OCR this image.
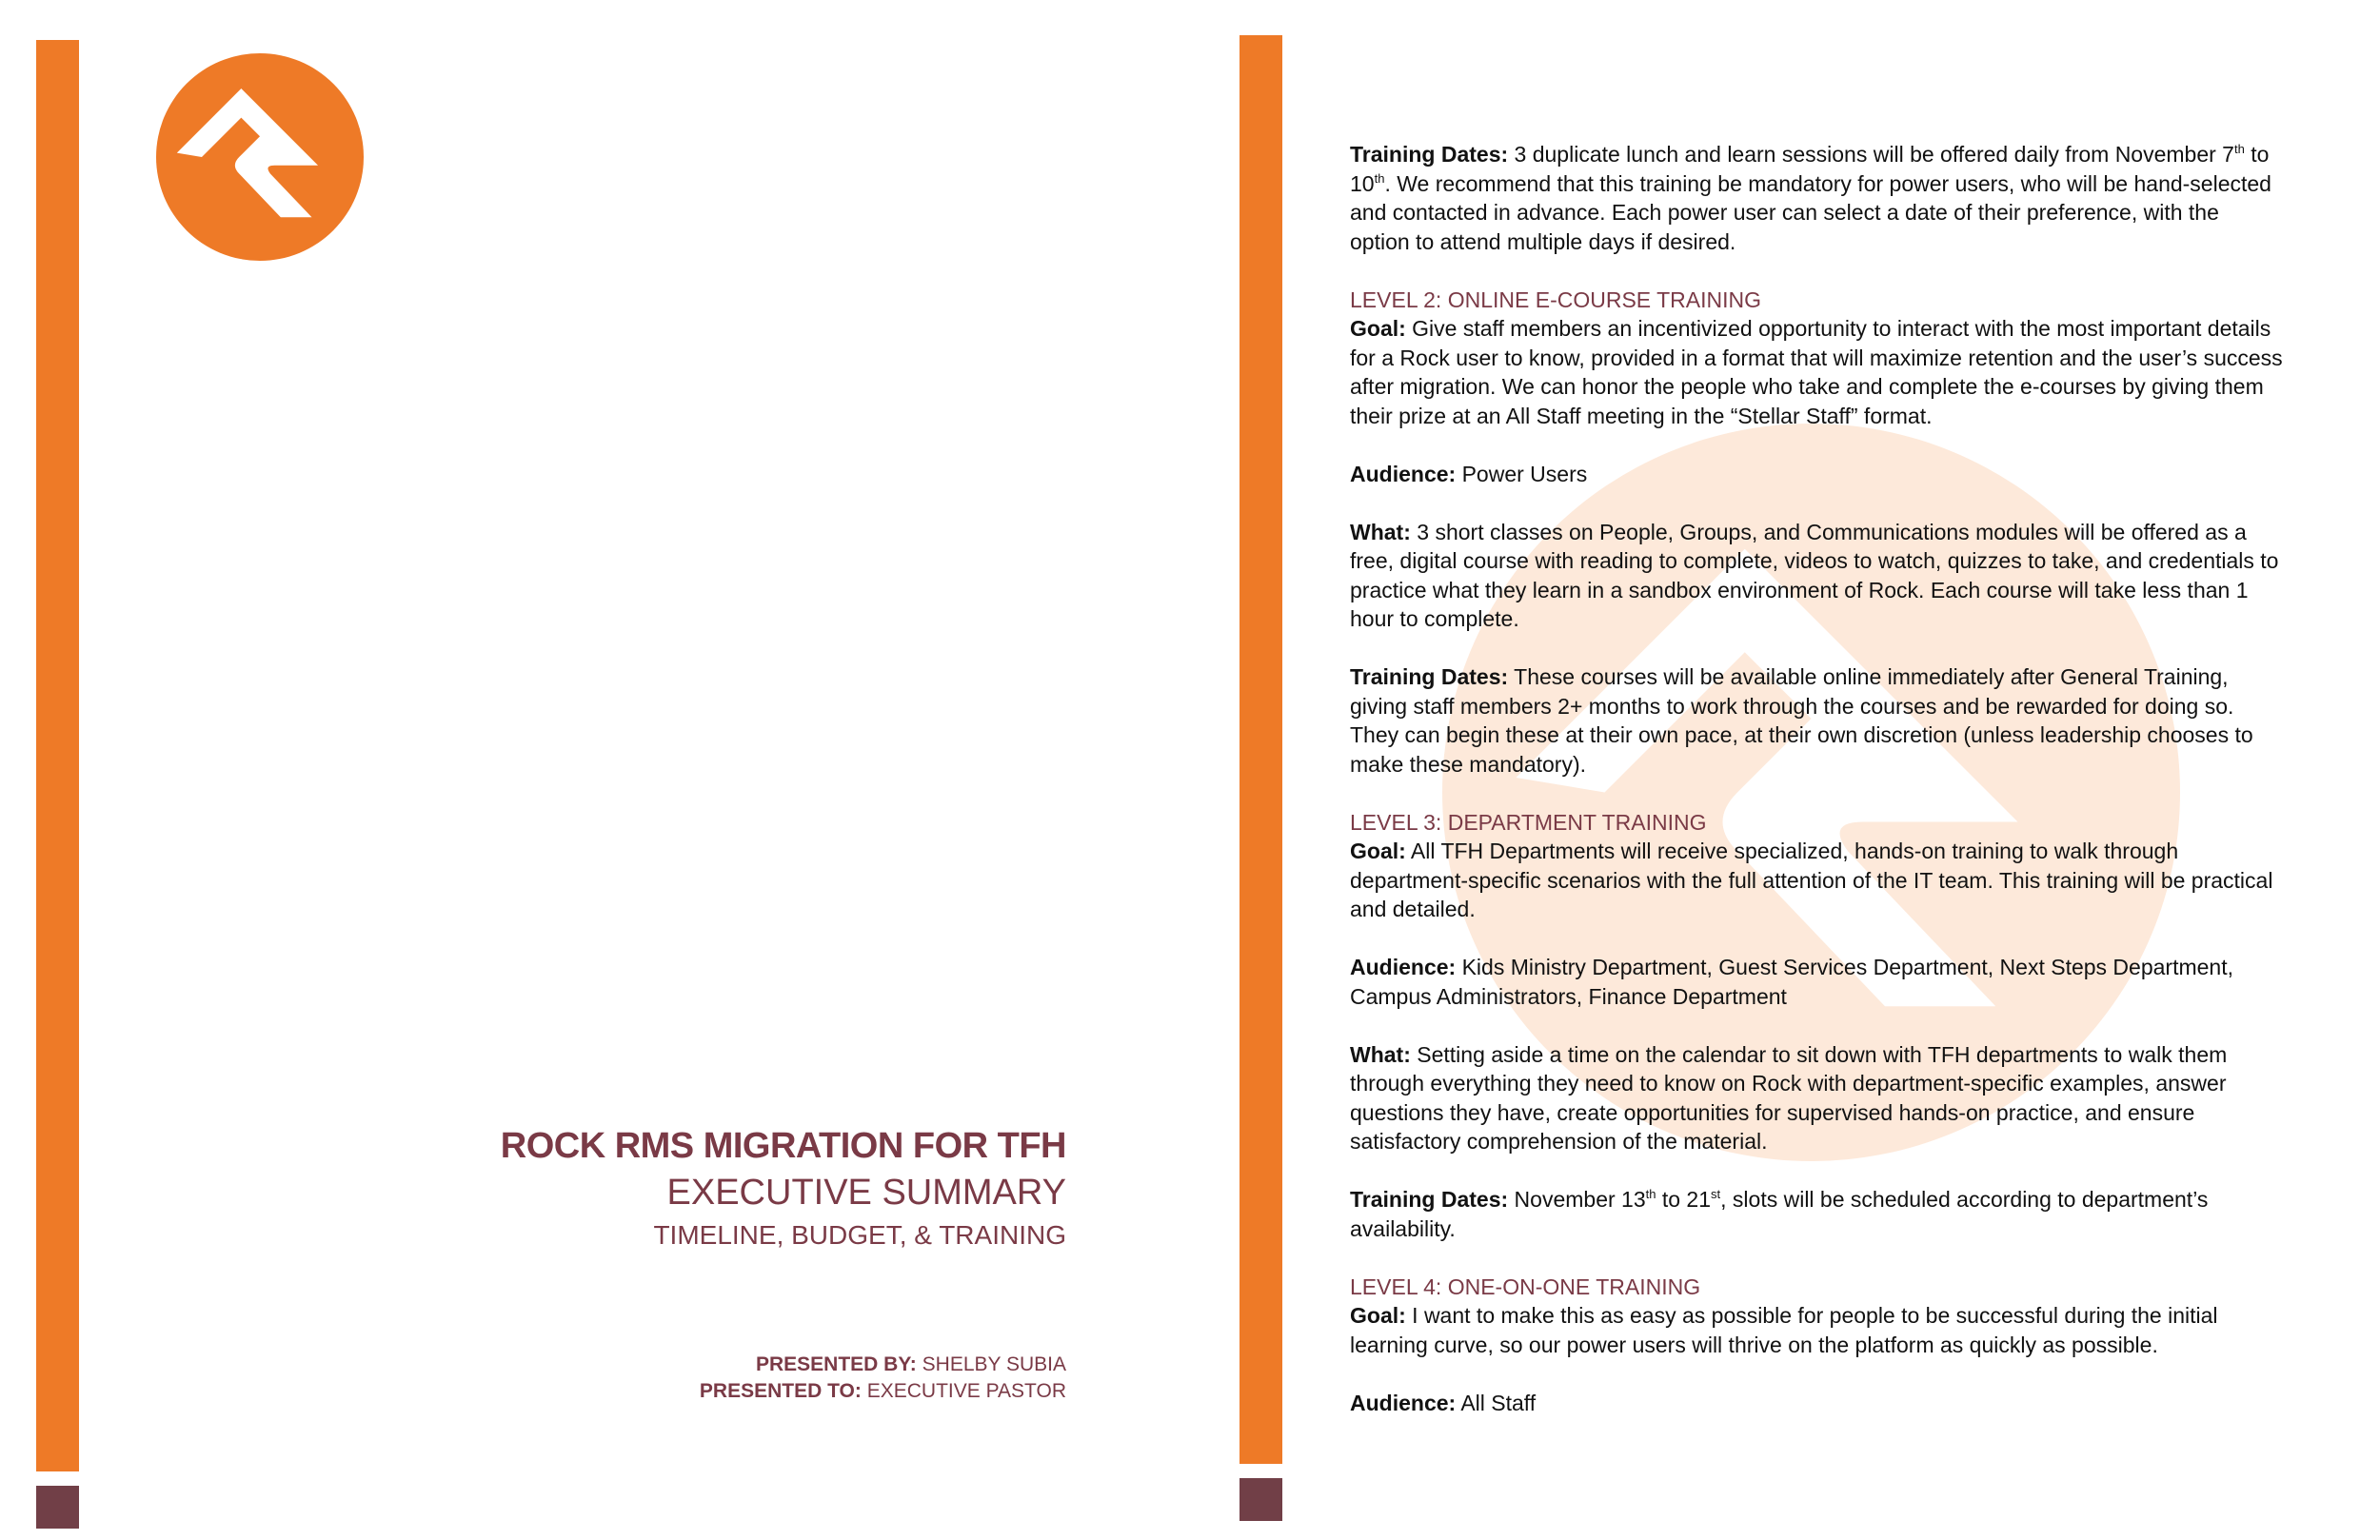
ROCK RMS MIGRATION FOR TFH

EXECUTIVE SUMMARY

TIMELINE, BUDGET, & TRAINING

PRESENTED BY: SHELBY SUBIA
PRESENTED TO: EXECUTIVE PASTOR

Training Dates: 3 duplicate lunch and learn sessions will be offered daily from November 7th to 10th. We recommend that this training be mandatory for power users, who will be hand-selected and contacted in advance. Each power user can select a date of their preference, with the option to attend multiple days if desired.

LEVEL 2: ONLINE E-COURSE TRAINING

Goal: Give staff members an incentivized opportunity to interact with the most important details for a Rock user to know, provided in a format that will maximize retention and the user’s success after migration. We can honor the people who take and complete the e-courses by giving them their prize at an All Staff meeting in the “Stellar Staff” format.

Audience: Power Users

What: 3 short classes on People, Groups, and Communications modules will be offered as a free, digital course with reading to complete, videos to watch, quizzes to take, and credentials to practice what they learn in a sandbox environment of Rock. Each course will take less than 1 hour to complete.

Training Dates: These courses will be available online immediately after General Training, giving staff members 2+ months to work through the courses and be rewarded for doing so. They can begin these at their own pace, at their own discretion (unless leadership chooses to make these mandatory).

LEVEL 3: DEPARTMENT TRAINING

Goal: All TFH Departments will receive specialized, hands-on training to walk through department-specific scenarios with the full attention of the IT team. This training will be practical and detailed.

Audience: Kids Ministry Department, Guest Services Department, Next Steps Department, Campus Administrators, Finance Department

What: Setting aside a time on the calendar to sit down with TFH departments to walk them through everything they need to know on Rock with department-specific examples, answer questions they have, create opportunities for supervised hands-on practice, and ensure satisfactory comprehension of the material.

Training Dates: November 13th to 21st, slots will be scheduled according to department’s availability.

LEVEL 4: ONE-ON-ONE TRAINING

Goal: I want to make this as easy as possible for people to be successful during the initial learning curve, so our power users will thrive on the platform as quickly as possible.

Audience: All Staff
